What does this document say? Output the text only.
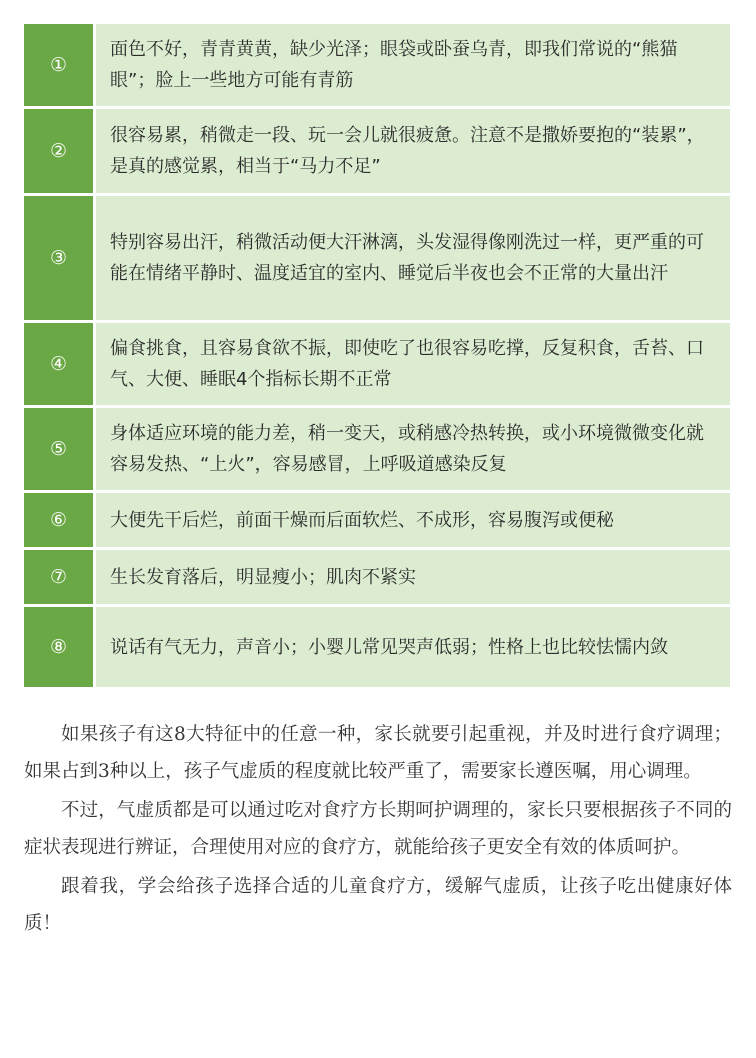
①	面色不好，青青黄黄，缺少光泽；眼袋或卧蚕乌青，即我们常说的“熊猫眼”；脸上一些地方可能有青筋
②	很容易累，稍微走一段、玩一会儿就很疲惫。注意不是撒娇要抱的“装累”，是真的感觉累，相当于“马力不足”
③	特别容易出汗，稍微活动便大汗淋漓，头发湿得像刚洗过一样，更严重的可能在情绪平静时、温度适宜的室内、睡觉后半夜也会不正常的大量出汗
④	偏食挑食，且容易食欲不振，即使吃了也很容易吃撑，反复积食，舌苔、口气、大便、睡眠4个指标长期不正常
⑤	身体适应环境的能力差，稍一变天，或稍感冷热转换，或小环境微微变化就容易发热、“上火”，容易感冒，上呼吸道感染反复
⑥	大便先干后烂，前面干燥而后面软烂、不成形，容易腹泻或便秘
⑦	生长发育落后，明显瘦小；肌肉不紧实
⑧	说话有气无力，声音小；小婴儿常见哭声低弱；性格上也比较怯懦内敛

如果孩子有这8大特征中的任意一种，家长就要引起重视，并及时进行食疗调理；如果占到3种以上，孩子气虚质的程度就比较严重了，需要家长遵医嘱，用心调理。

不过，气虚质都是可以通过吃对食疗方长期呵护调理的，家长只要根据孩子不同的症状表现进行辨证，合理使用对应的食疗方，就能给孩子更安全有效的体质呵护。

跟着我，学会给孩子选择合适的儿童食疗方，缓解气虚质，让孩子吃出健康好体质！
